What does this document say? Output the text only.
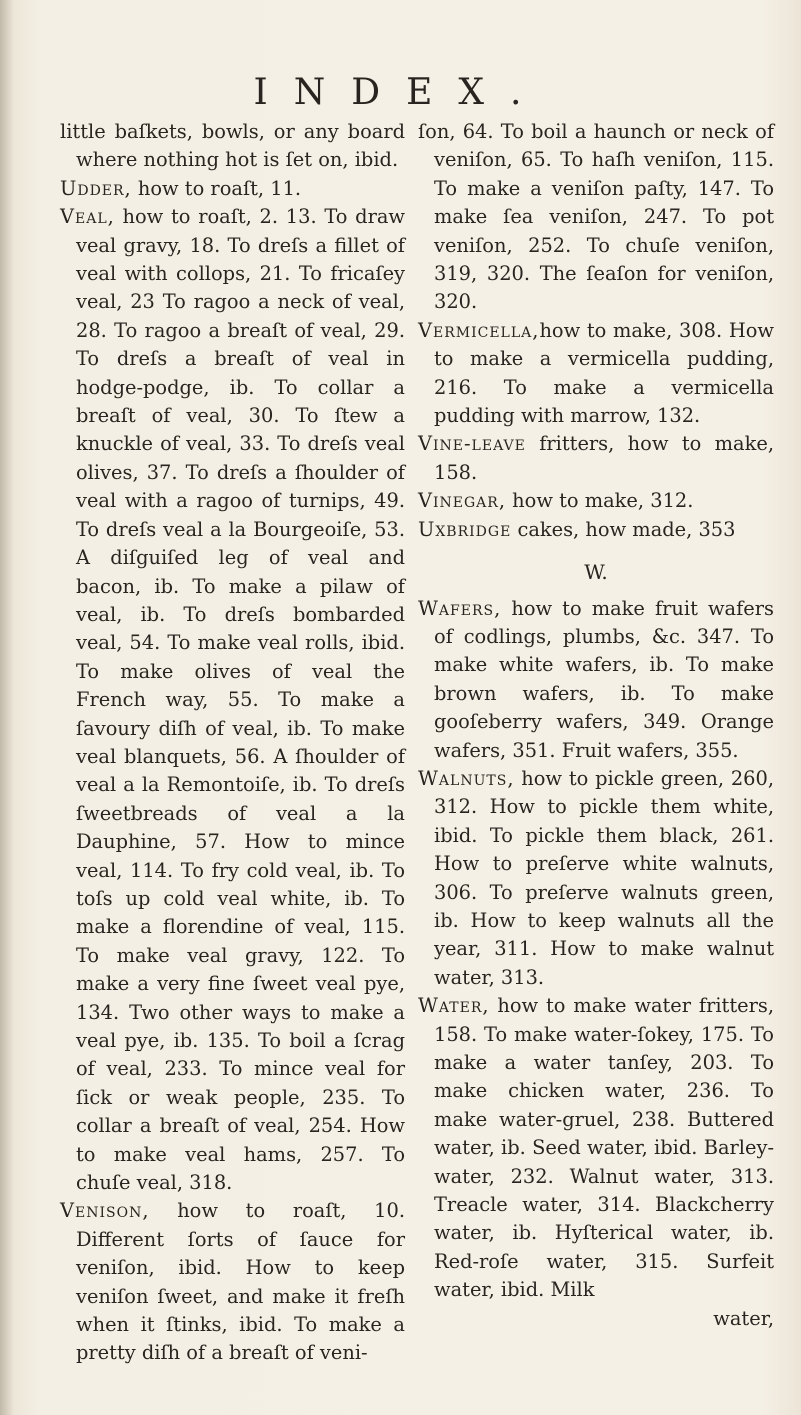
INDEX.

little baſkets, bowls, or any board where nothing hot is ſet on, ibid.

Udder, how to roaſt, 11.

Veal, how to roaſt, 2. 13. To draw veal gravy, 18. To dreſs a fillet of veal with collops, 21. To fricaſey veal, 23 To ragoo a neck of veal, 28. To ragoo a breaſt of veal, 29. To dreſs a breaſt of veal in hodge-podge, ib. To collar a breaſt of veal, 30. To ſtew a knuckle of veal, 33. To dreſs veal olives, 37. To dreſs a ſhoulder of veal with a ragoo of turnips, 49. To dreſs veal a la Bourgeoiſe, 53. A diſguiſed leg of veal and bacon, ib. To make a pilaw of veal, ib. To dreſs bombarded veal, 54. To make veal rolls, ibid. To make olives of veal the French way, 55. To make a ſavoury diſh of veal, ib. To make veal blanquets, 56. A ſhoulder of veal a la Remontoiſe, ib. To dreſs ſweetbreads of veal a la Dauphine, 57. How to mince veal, 114. To fry cold veal, ib. To toſs up cold veal white, ib. To make a florendine of veal, 115. To make veal gravy, 122. To make a very fine ſweet veal pye, 134. Two other ways to make a veal pye, ib. 135. To boil a ſcrag of veal, 233. To mince veal for ſick or weak people, 235. To collar a breaſt of veal, 254. How to make veal hams, 257. To chuſe veal, 318.

Veniſon, how to roaſt, 10. Different ſorts of ſauce for veniſon, ibid. How to keep veniſon ſweet, and make it freſh when it ſtinks, ibid. To make a pretty diſh of a breaſt of veni-

ſon, 64. To boil a haunch or neck of veniſon, 65. To haſh veniſon, 115. To make a veniſon paſty, 147. To make ſea veniſon, 247. To pot veniſon, 252. To chuſe veniſon, 319, 320. The ſeaſon for veniſon, 320.

Vermicella,how to make, 308. How to make a vermicella pudding, 216. To make a vermicella pudding with marrow, 132.

Vine-leave fritters, how to make, 158.

Vinegar, how to make, 312.

Uxbridge cakes, how made, 353

W.

Wafers, how to make fruit wafers of codlings, plumbs, &c. 347. To make white wafers, ib. To make brown wafers, ib. To make gooſeberry wafers, 349. Orange wafers, 351. Fruit wafers, 355.

Walnuts, how to pickle green, 260, 312. How to pickle them white, ibid. To pickle them black, 261. How to preſerve white walnuts, 306. To preſerve walnuts green, ib. How to keep walnuts all the year, 311. How to make walnut water, 313.

Water, how to make water fritters, 158. To make water-ſokey, 175. To make a water tanſey, 203. To make chicken water, 236. To make water-gruel, 238. Buttered water, ib. Seed water, ibid. Barley-water, 232. Walnut water, 313. Treacle water, 314. Blackcherry water, ib. Hyſterical water, ib. Red-roſe water, 315. Surfeit water, ibid. Milk

water,
